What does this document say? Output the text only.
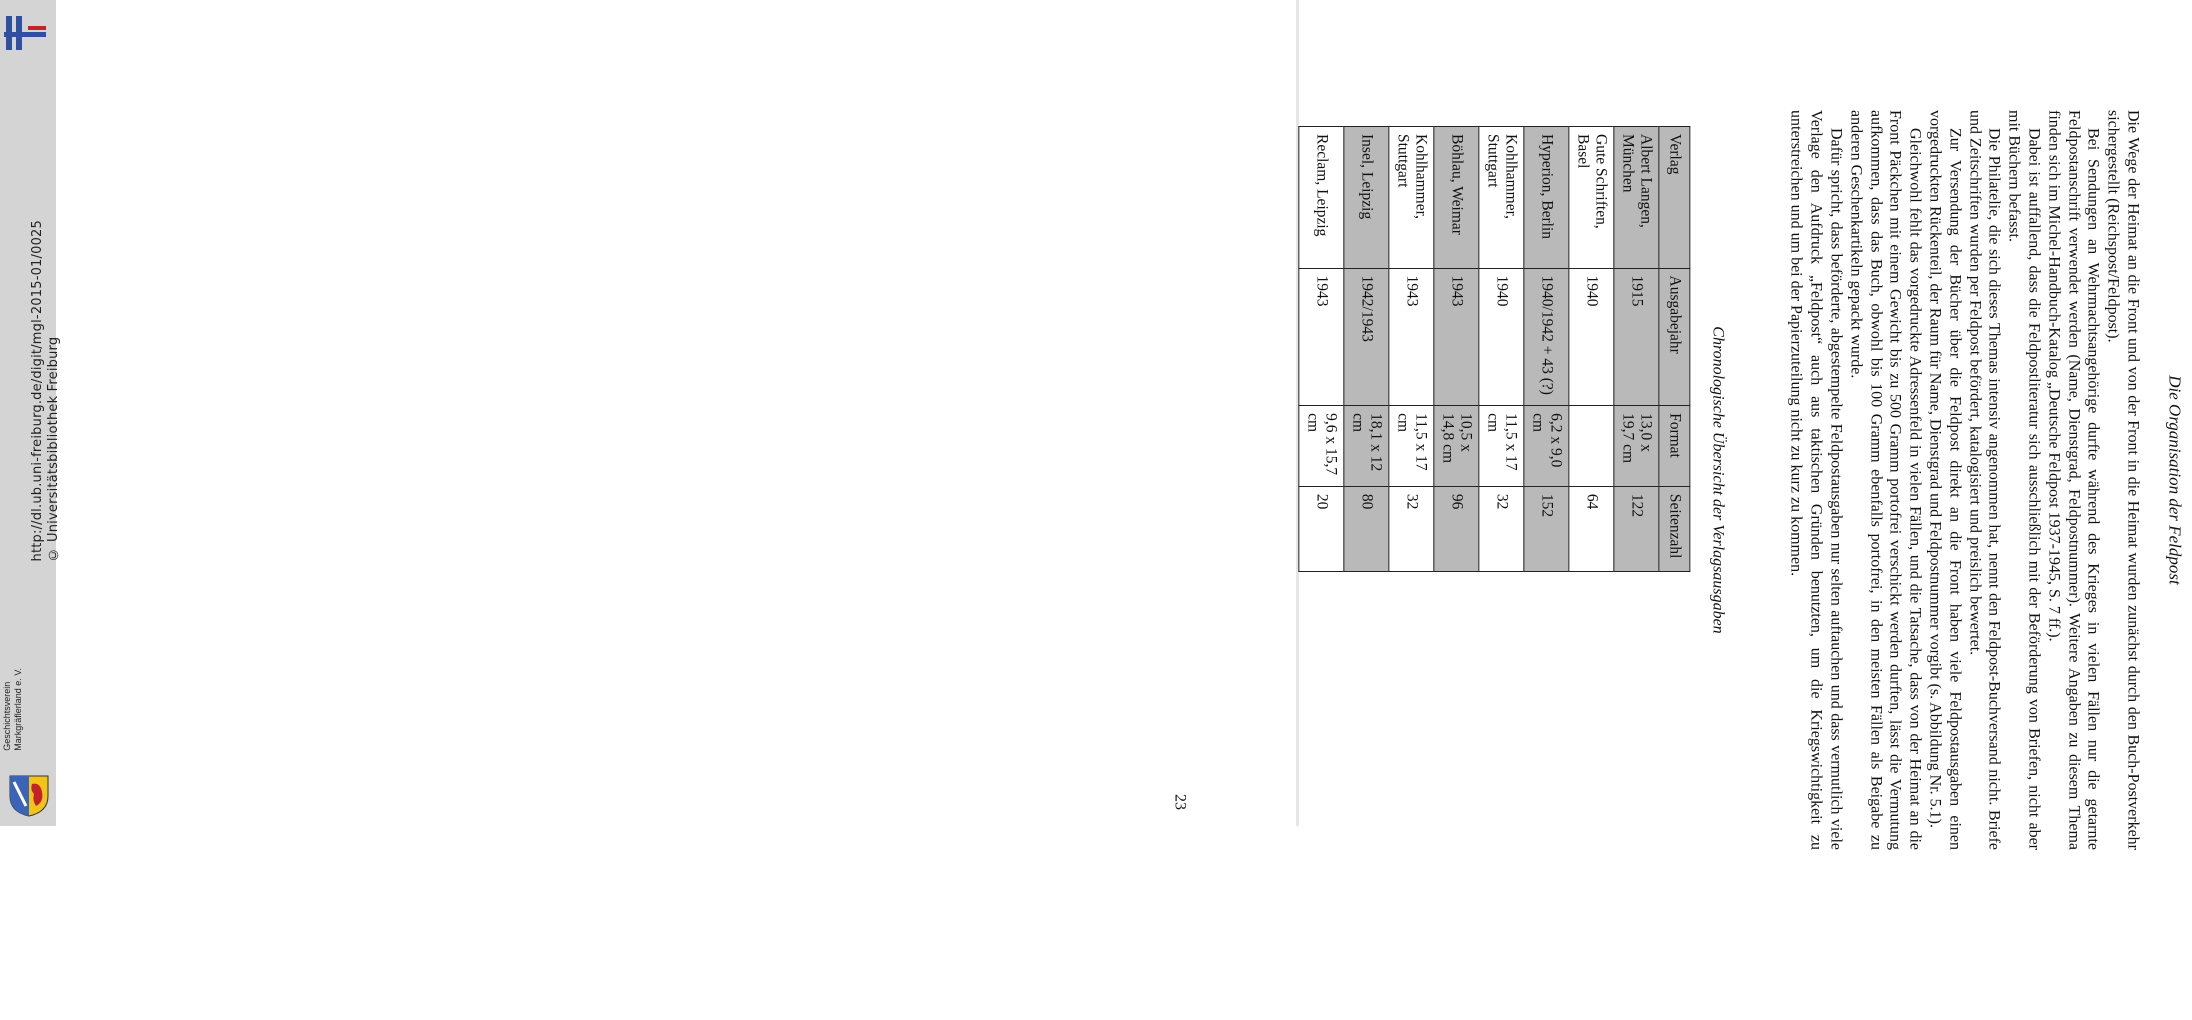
http://dl.ub.uni-freiburg.de/digit/mgl-2015-01/0025 © Universitätsbibliothek Freiburg
Geschichtsverein Markgräflerland e. V.
Die Organisation der Feldpost

Die Wege der Heimat an die Front und von der Front in die Heimat wurden zunächst durch den Buch-Postverkehr sichergestellt (Reichspost/Feldpost).

Bei Sendungen an Wehrmachtsangehörige durfte während des Krieges in vielen Fällen nur die getarnte Feldpostanschrift verwendet werden (Name, Dienstgrad, Feldpostnummer). Weitere Angaben zu diesem Thema finden sich im Michel-Handbuch-Katalog „Deutsche Feldpost 1937-1945, S. 7 ff.).

Dabei ist auffallend, dass die Feldpostliteratur sich ausschließlich mit der Beförderung von Briefen, nicht aber mit Büchern befasst.

Die Philatelie, die sich dieses Themas intensiv angenommen hat, nennt den Feldpost-Buchversand nicht. Briefe und Zeitschriften wurden per Feldpost befördert, katalogisiert und preislich bewertet.

Zur Versendung der Bücher über die Feldpost direkt an die Front haben viele Feldpostausgaben einen vorgedruckten Rückenteil, der Raum für Name, Dienstgrad und Feldpostnummer vorgibt (s. Abbildung Nr. 5.1).

Gleichwohl fehlt das vorgedruckte Adressenfeld in vielen Fällen, und die Tatsache, dass von der Heimat an die Front Päckchen mit einem Gewicht bis zu 500 Gramm portofrei verschickt werden durften, lässt die Vermutung aufkommen, dass das Buch, obwohl bis 100 Gramm ebenfalls portofrei, in den meisten Fällen als Beigabe zu anderen Geschenkartikeln gepackt wurde.

Dafür spricht, dass beförderte, abgestempelte Feldpostausgaben nur selten auftauchen und dass vermutlich viele Verlage den Aufdruck „Feldpost“ auch aus taktischen Gründen benutzten, um die Kriegswichtigkeit zu unterstreichen und um bei der Papierzuteilung nicht zu kurz zu kommen.

Chronologische Übersicht der Verlagsausgaben
Verlag	Ausgabejahr	Format	Seitenzahl
Albert Langen, München	1915	13,0 x 19,7 cm	122
Gute Schriften, Basel	1940		64
Hyperion, Berlin	1940/1942 + 43 (?)	6,2 x 9,0 cm	152
Kohlhammer, Stuttgart	1940	11,5 x 17 cm	32
Böhlau, Weimar	1943	10,5 x 14,8 cm	96
Kohlhammer, Stuttgart	1943	11,5 x 17 cm	32
Insel, Leipzig	1942/1943	18,1 x 12 cm	80
Reclam, Leipzig	1943	9,6 x 15,7 cm	20
23
